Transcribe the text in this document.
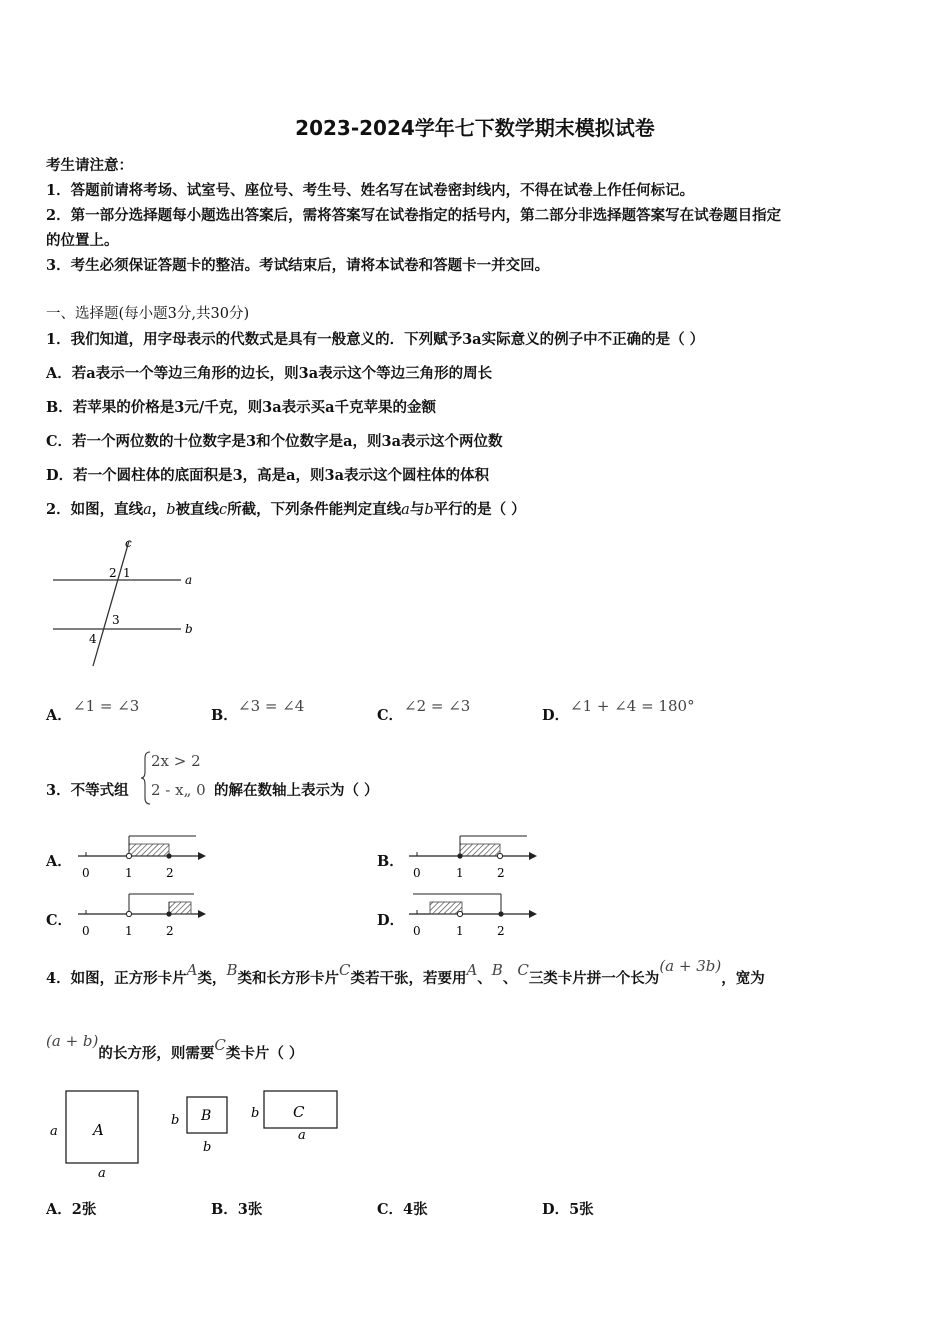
2023-2024学年七下数学期末模拟试卷
考生请注意：
1．答题前请将考场、试室号、座位号、考生号、姓名写在试卷密封线内，不得在试卷上作任何标记。
2．第一部分选择题每小题选出答案后，需将答案写在试卷指定的括号内，第二部分非选择题答案写在试卷题目指定
的位置上。
3．考生必须保证答题卡的整洁。考试结束后，请将本试卷和答题卡一并交回。
一、选择题(每小题3分,共30分)
1．我们知道，用字母表示的代数式是具有一般意义的．下列赋予3a实际意义的例子中不正确的是（ ）
A．若a表示一个等边三角形的边长，则3a表示这个等边三角形的周长
B．若苹果的价格是3元/千克，则3a表示买a千克苹果的金额
C．若一个两位数的十位数字是3和个位数字是a，则3a表示这个两位数
D．若一个圆柱体的底面积是3，高是a，则3a表示这个圆柱体的体积
2．如图，直线a，b被直线c所截，下列条件能判定直线a与b平行的是（ ）
c
a
b
2 1
3
4
A．
∠1 = ∠3
B．
∠3 = ∠4
C．
∠2 = ∠3
D．
∠1 + ∠4 = 180°
3．不等式组
2x > 2
2 - x„ 0 的解在数轴上表示为（ ）
A．
0	1	2
B．
0	1	2
C．
0	1	2
D．
0	1	2
4．如图，正方形卡片A类，B类和长方形卡片C类若干张，若要用A、B、C三类卡片拼一个长为(a + 3b)，宽为
(a + b)的长方形，则需要C类卡片（ ）
A
a
a
B
b
b
C
b
a
A．2张	B．3张	C．4张	D．5张
